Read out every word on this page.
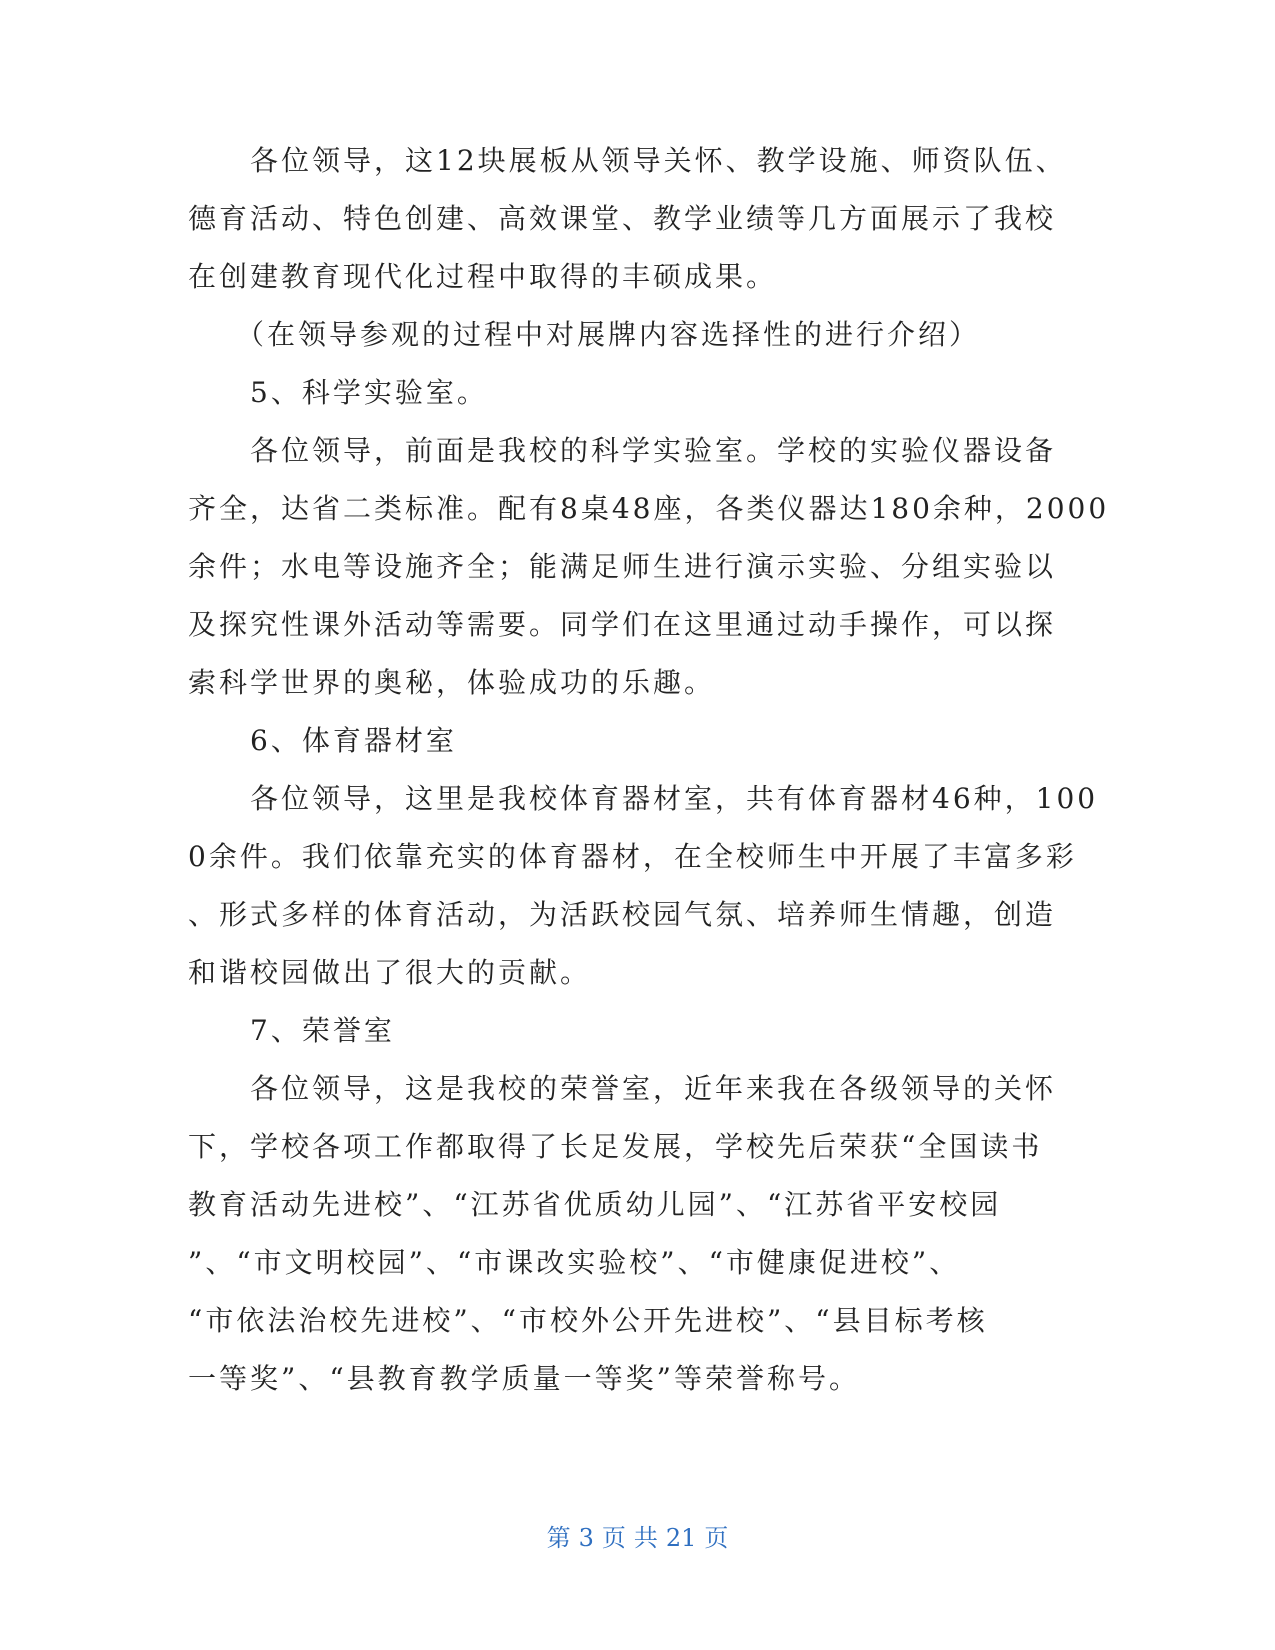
　　各位领导，这12块展板从领导关怀、教学设施、师资队伍、
德育活动、特色创建、高效课堂、教学业绩等几方面展示了我校
在创建教育现代化过程中取得的丰硕成果。
　　（在领导参观的过程中对展牌内容选择性的进行介绍）
　　5、科学实验室。
　　各位领导，前面是我校的科学实验室。学校的实验仪器设备
齐全，达省二类标准。配有8桌48座，各类仪器达180余种，2000
余件；水电等设施齐全；能满足师生进行演示实验、分组实验以
及探究性课外活动等需要。同学们在这里通过动手操作，可以探
索科学世界的奥秘，体验成功的乐趣。
　　6、体育器材室
　　各位领导，这里是我校体育器材室，共有体育器材46种，100
0余件。我们依靠充实的体育器材，在全校师生中开展了丰富多彩
、形式多样的体育活动，为活跃校园气氛、培养师生情趣，创造
和谐校园做出了很大的贡献。
　　7、荣誉室
　　各位领导，这是我校的荣誉室，近年来我在各级领导的关怀
下，学校各项工作都取得了长足发展，学校先后荣获“全国读书
教育活动先进校”、“江苏省优质幼儿园”、“江苏省平安校园
”、“市文明校园”、“市课改实验校”、“市健康促进校”、
“市依法治校先进校”、“市校外公开先进校”、“县目标考核
一等奖”、“县教育教学质量一等奖”等荣誉称号。
第 3 页 共 21 页
